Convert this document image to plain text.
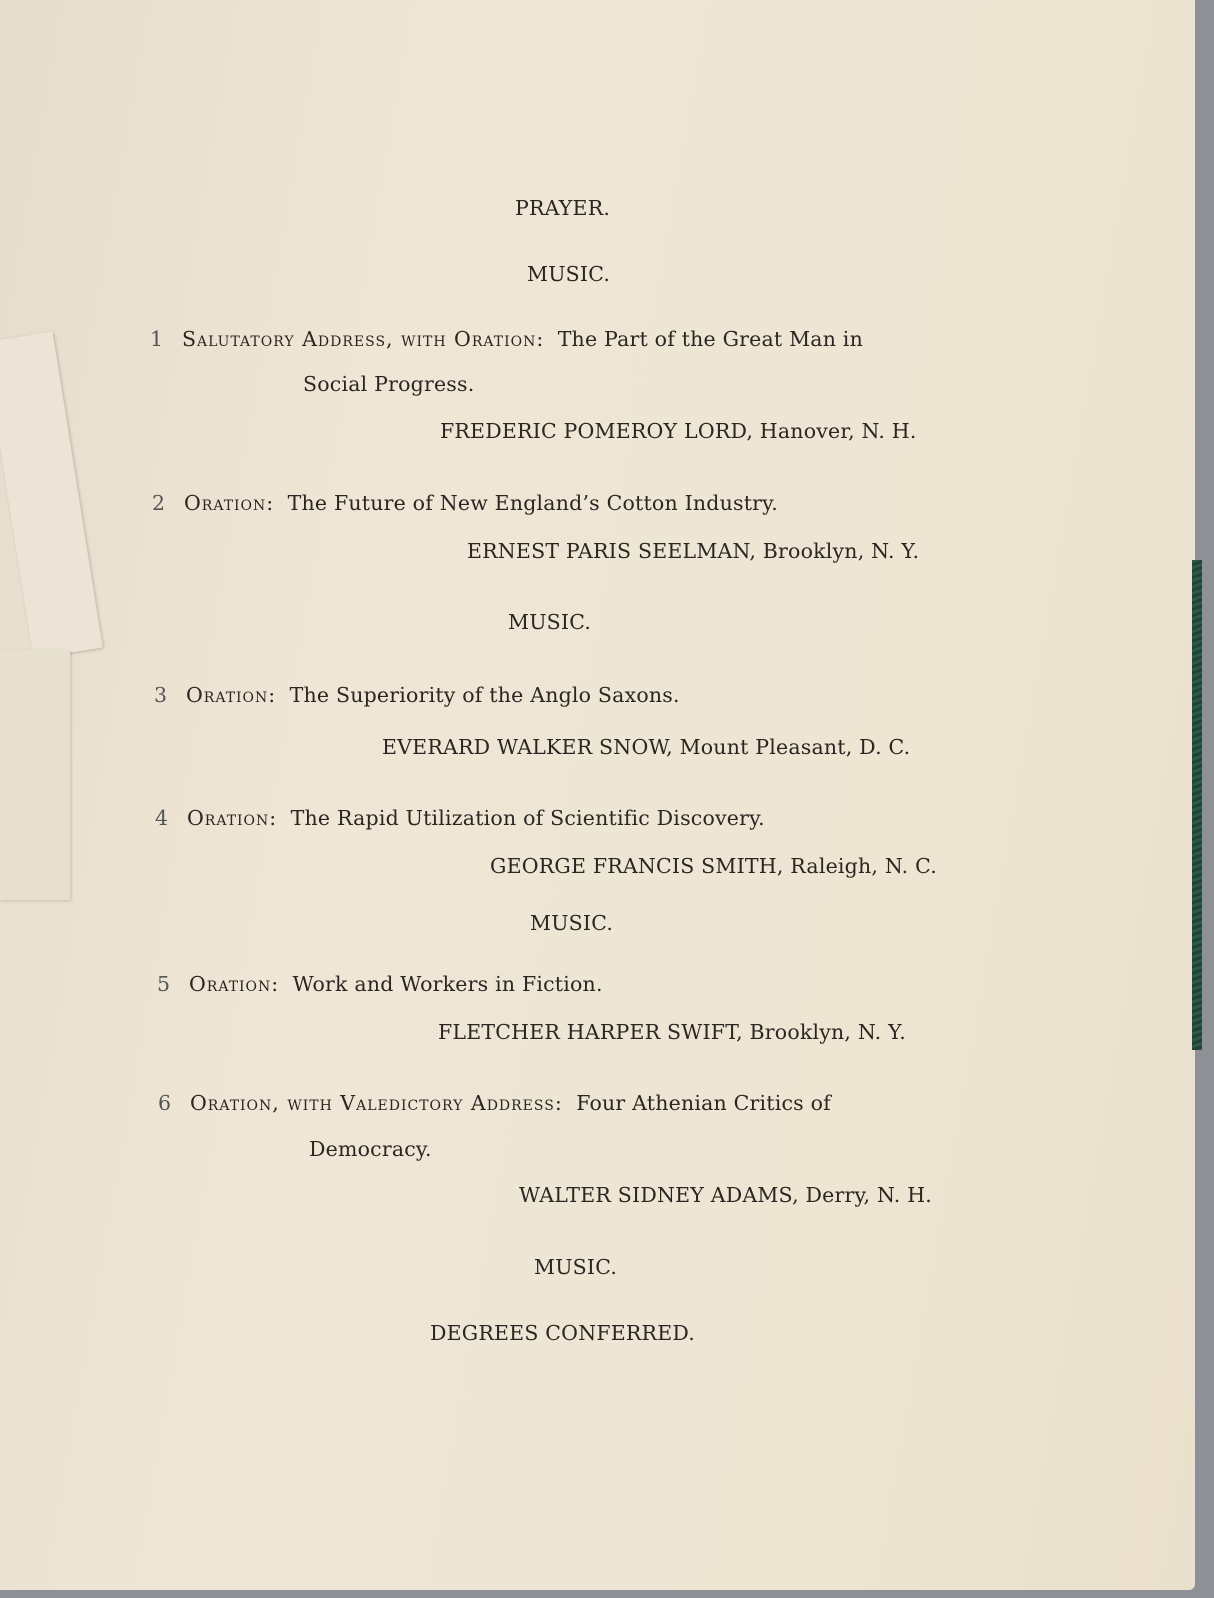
PRAYER.
MUSIC.
1 Salutatory Address, with Oration: The Part of the Great Man in
Social Progress.
FREDERIC POMEROY LORD, Hanover, N. H.
2 Oration: The Future of New England’s Cotton Industry.
ERNEST PARIS SEELMAN, Brooklyn, N. Y.
MUSIC.
3 Oration: The Superiority of the Anglo Saxons.
EVERARD WALKER SNOW, Mount Pleasant, D. C.
4 Oration: The Rapid Utilization of Scientific Discovery.
GEORGE FRANCIS SMITH, Raleigh, N. C.
MUSIC.
5 Oration: Work and Workers in Fiction.
FLETCHER HARPER SWIFT, Brooklyn, N. Y.
6 Oration, with Valedictory Address: Four Athenian Critics of
Democracy.
WALTER SIDNEY ADAMS, Derry, N. H.
MUSIC.
DEGREES CONFERRED.
